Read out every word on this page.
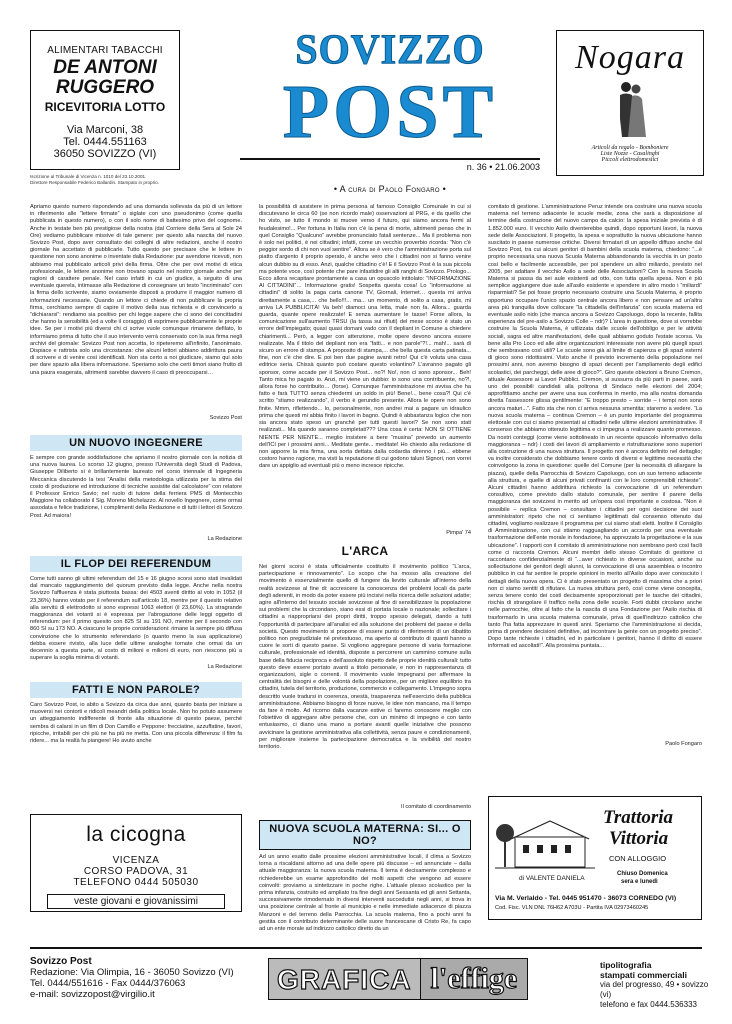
ALIMENTARI TABACCHI
DE ANTONI
RUGGERO
RICEVITORIA LOTTO
Via Marconi, 38
Tel. 0444.551163
36050 SOVIZZO (VI)
Iscrizione al Tribunale di Vicenza n. 1010 del 23.10.2001.
Direttore Responsabile Federico Ballardin. Stampato in proprio.
SOVIZZO
POST
n. 36 • 21.06.2003
• A cura di Paolo Fongaro •
Nogara
Articoli da regalo - Bomboniere
Liste Nozze - Casalinghi
Piccoli elettrodomestici

Apriamo questo numero rispondendo ad una domanda sollevata da più di un lettore in riferimento alle “lettere firmate” o siglate con uno pseudonimo (come quella pubblicata in questo numero), o con il solo nome di battesimo privo del cognome. Anche in testate ben più prestigiose della nostra (dal Corriere della Sera al Sole 24 Ore) vediamo pubblicare missive di tale genere: per questo alla nascita del nuovo Sovizzo Post, dopo aver consultato dei colleghi di altre redazioni, anche il nostro giornale ha accettato di pubblicarle. Tutto questo per precisare che le lettere in questione non sono anonime o inventate dalla Redazione: pur avendone ricevuti, non abbiamo mai pubblicato articoli privi della firma. Oltre che per ovvi motivi di etica professionale, le lettere anonime non trovano spazio nel nostro giornale anche per ragioni di carattere penale. Nel caso infatti in cui un giudice, a seguito di una eventuale querela, intimasse alla Redazione di consegnare un testo “incriminato” con la firma dello scrivente, siamo ovviamente disposti a produrre il maggior numero di informazioni necessarie. Quando un lettore ci chiede di non pubblicare la propria firma, cerchiamo sempre di capire il motivo della sua richiesta e di convincerlo a “dichiararsi”: rendiamo sia positivo per chi legge sapere che ci sono dei concittadini che hanno la sensibilità (ed a volte il coraggio) di esprimere pubblicamente le proprie idee. Se per i motivi più diversi chi ci scrive vuole comunque rimanere defilato, lo informiamo prima di tutto che il suo intervento verrà conservato con la sua firma negli archivi del giornale: Sovizzo Post non accetta, lo ripeteremo all'infinito, l'anonimato. Dispiace e rattrista solo una circostanza: che alcuni lettori abbiano addirittura paura di scrivere e di venire così identificati. Non sta certo a noi giudicare, siamo qui solo per dare spazio alla libera informazione. Speriamo solo che certi timori siano frutto di una paura esagerata, altrimenti sarebbe davvero il caso di preoccuparsi…

Sovizzo Post
UN NUOVO INGEGNERE

È sempre con grande soddisfazione che apriamo il nostro giornale con la notizia di una nuova laurea. Lo scorso 12 giugno, presso l'Università degli Studi di Padova, Giuseppe Diliberto si è brillantemente laureato nel corso triennale di Ingegneria Meccanica discutendo la tesi “Analisi della metodologia utilizzata per la stima del costo di produzione ed introduzione di tecniche assistite dal calcolatore” con relatore il Professor Enrico Savio; nel ruolo di tutore della ferriera PMS di Montecchio Maggiore ha collaborato il Sig. Moreno Michelazzo. Al novello Ingegnere, come ormai assodata e felice tradizione, i complimenti della Redazione e di tutti i lettori di Sovizzo Post. Ad maiora!

La Redazione
IL FLOP DEI REFERENDUM

Come tutti sanno gli ultimi referendum del 15 e 16 giugno scorsi sono stati invalidati dal mancato raggiungimento del quorum previsto dalla legge. Anche nella nostra Sovizzo l'affluenza è stata piuttosta bassa: dei 4503 aventi diritto al voto in 1052 (il 23,36%) hanno votato per il referendum sull'articolo 18, mentre per il quesito relativo alla servitù di elettrodotto si sono espressi 1063 elettori (il 23,60%). La stragrande maggioranza dei votanti si è espressa per l'abrogazione delle leggi oggetto di referendum: per il primo quesito con 825 SI su 191 NO, mentre per il secondo con 860 SI su 173 NO. A ciascuno le proprie considerazioni: rimane la sempre più diffusa convinzione che lo strumento referendario (o quanto meno la sua applicazione) debba essere rivisto, alla luce delle ultime analoghe tornate che ormai da un decennio a questa parte, al costo di milioni e milioni di euro, non riescono più a superare la soglia minima di votanti.

La Redazione
FATTI E NON PAROLE?

Caro Sovizzo Post, io abito a Sovizzo da circa due anni, quanto basta per iniziare a muoversi nei contorti e ridicoli meandri della politica locale. Non ho potuto assumere un atteggiamento indifferente di fronte alla situazione di questo paese, perché sembra di calarsi in un film di Don Camillo e Peppone: frecciatine, azzuffatine, favori, ripicche, irritabili per chi più ne ha più ne metta. Con una piccola differenza: il film fa ridere... ma la realtà fa piangere! Ho avuto anche

la cicogna
VICENZA
CORSO PADOVA, 31
TELEFONO 0444 505030
veste giovani e giovanissimi

la possibilità di assistere in prima persona al famoso Consiglio Comunale in cui si discutevano le circa 60 (se non ricordo male) osservazioni al PRG, e da quello che ho visto, se tutto il mondo si muove verso il futuro, qui siamo ancora fermi al feudalesimo!... Per fortuna in Italia non c'è la pena di morte, altrimenti penso che in quel Consiglio “Qualcuno” avrebbe pronunciato fatali sentenze... Ma il problema non è solo nei politici, è nei cittadini; infatti, come un vecchio proverbio ricorda: “Non c'è peggior sordo di chi non vuol sentire”. Allora se è vero che l'amministrazione porta sul piatto d'argento il proprio operato, è anche vero che i cittadini non si fanno venire alcun dubbio su di esso. Anzi, qualche cittadino c'è! E il Sovizzo Post è la sua piccola ma potente voce, così potente che pare infastidire gli alti ranghi di Sovizzo. Prologo... Ecco allora recapitare prontamente a casa un opuscolo intitolato: “INFORMAZIONE AI CITTADINI”… Informazione gratis! Sospetta questa cosa! Lo “informazione ai cittadini” di solito la paga carta canone TV, Giornali, Internet… questa mi arriva direttamente a casa,... che bello!!!... ma... un momento, di solito a casa, gratis, mi arriva LA PUBBLICITÀ! Va beh! diamoci una letta, male non fa. Allora... guarda guarda, quante opere realizzate! E senza aumentare le tasse! Forse allora, la comunicazione sull'aumento TRSU (la tassa sui rifiuti) del mese scorso è stato un errore dell'impiegato; quasi quasi domani vado con il depliant in Comune a chiedere chiarimenti... Però, a legger con attenzione, molte opere devono ancora essere realizzate. Ma il titolo del depliant non era “fatti... e non parole”?!... mah!... sarà di sicuro un errore di stampa. A proposito di stampa,... che bella questa carta patinata... fine, non c'è che dire. E poi ben due pagine avanti retro! Qui c'è voluta una casa editrice seria. Chissà quanto può costare questo volantino? L'avranno pagato gli sponsor, come accade per il Sovizzo Post... no?! No!, non ci sono sponsor... Beh! Tanto mica ho pagato io. Anzi, mi viene un dubbio: io sono una contribuente, no?!, allora forse ho contribuito… (forse). Comunque l'amministrazione mi avvisa che ha fatto e farà TUTTO senza chiedermi un soldo in più! Bene!... bene cosa?! Qui c'è scritto “stiamo realizzando”, il verbo è gerundio presente. Allora le opere non sono finite. Mmm, riflettendo... lo, personalmente, non andrei mai a pagare un idraulico prima che questi mi abbia finito i lavori in bagno. Quindi è abbastanza logico che non sia ancora stato speso un granché per tutti questi lavori? Se non sono stati realizzati... Ma quando saranno completati??? Una cosa è certa: NON SI OTTIENE NIENTE PER NIENTE... meglio insistere a bere “musina” prevedo un aumento dell'ICI per i prossimi anni... Meditate gente... meditate! Ho chiesto alla redazione di non apporre la mia firma, una sorta dettata dalla codardia direnno i più... ebbene costoro hanno ragione, ma visti la reputazione di cui godono taluni Signori, non vorrei dare un appiglio ad eventuali più o meno incresce ripicche.

Pimpa' 74
L'ARCA

Nei giorni scorsi è stata ufficialmente costituito il movimento politico “L'arca, partecipazione e rinnovamento”. Lo scopo che ha mosso alla creazione del movimento è essenzialmente quello di fungere da lievito culturale all'interno della realtà sovizzese al fine di: accrescere la conoscenza dei problemi locali da parte degli aderenti, in modo da poter essere più incisivi nella ricerca delle soluzioni adatte; agire all'interno del tessuto sociale sovizzese al fine di sensibilizzare la popolazione sui problemi che la circondano, siano essi di portata locale o nazionale; sollecitare i cittadini a riappropriarsi dei propri diritti, troppo spesso delegati, dando a tutti l'opportunità di partecipare all'analisi ed alla soluzione dei problemi del paese e della società. Questo movimento si propone di essere punto di riferimento di un dibattito politico non pregiudiziale né pretestuoso, ma aperto al contributo di quanti hanno a cuore le sorti di questo paese. Si vogliono aggregare persone di varia formazione culturale, professionale ed identità, disposte a percorrere un cammino comune sulla base della fiducia reciproca e dell'assoluto rispetto delle proprie identità culturali: tutto questo deve essere portato avanti a titolo personale, e non in rappresentanza di organizzazioni, sigle o correnti. Il movimento vuole impegnarsi per affermare la centralità dei bisogni e delle volontà della popolazione, per un migliore equilibrio tra cittadini, tutela del territorio, produzione, commercio e collegamento. L'impegno sopra descritto vuole tradursi in coerenza, onestà, trasparenza nell'esercizio della pubblica amministrazione. Abbiamo bisogno di forze nuove, le idee non mancano, ma il tempo da fare è molto. Ad ricorno dalla vacanze estive ci faremo conoscere meglio con l'obiettivo di aggregare altre persone che, con un minimo di impegno e con tanto entusiasmo, ci diano una mano a portare avanti quelle iniziative che possono avvicinare la gestione amministrativa alla collettività, senza paure e condizionamenti, per migliorare insieme la partecipazione democratica e la vivibilità del nostro territorio.

Il comitato di coordinamento
NUOVA SCUOLA MATERNA: SI... O NO?

Ad un anno esatto dalle prossime elezioni amministrative locali, il clima a Sovizzo torna a riscaldarsi attorno ad una delle opere più discusse – ed annunciate – dalla attuale maggioranza: la nuova scuola materna. Il tema è decisamente complesso e richiederebbe un esame approfondito dei molti aspetti che vengono ad essere coinvolti: proviamo a sintetizzare in poche righe. L'attuale plesso scolastico per la prima infanzia, costruito ed ampliato tra fine degli anni Sessanta ed gli anni Settanta, successivamente rimodernato in diversi interventi succedutisi negli anni, si trova in una posizione centrale al fronte al municipio e nelle immediate adiacenze di piazza Manzoni e del terreno della Parrocchia. La scuola materna, fino a pochi anni fa gestita con il contributo determinante delle suore francescane di Cristo Re, fa capo ad un ente morale ad indirizzo cattolico diretto da un

comitato di gestione. L'amministrazione Peruz intende ora costruire una nuova scuola materna nel terreno adiacente le scuole medie, zona che sarà a disposizione al termine della costruzione del nuovo campo da calcio: la spesa iniziale prevista è di 1.852.000 euro. Il vecchio Asilo diventerebbe quindi, dopo opportuni lavori, la nuova sede delle Associazioni. Il progetto, la spesa e soprattutto la nuova ubicazione hanno suscitato in paese numerose critiche. Diversi firmatari di un appello diffuso anche dal Sovizzo Post, tra cui alcuni genitori di bambini della scuola materna, chiedono: “...è proprio necessaria una nuova Scuola Materna abbandonando la vecchia in un posto così bello e facilmente accessibile, per poi spendere un altro miliardo, previsto nel 2005, per adattare il vecchio Asilo a sede delle Associazioni? Con la nuova Scuola Materna si passa da sei aule esistenti ad otto, con tutta quella spesa. Non è più semplice aggiungere due aule all'asilo esistente e spendere in altro modo i “miliardi” risparmiati? Se poi fosse proprio necessario costruire una Scuola Materna, è proprio opportuno occupare l'unico spazio centrale ancora libero e non pensare ad un'altra area più tranquilla dove collocare “la cittadella dell'infanzia” con scuola materna ed eventuale asilo nido (che manca ancora a Sovizzo Capoluogo, dopo la recente, fallita esperienza del pre-asilo a Sovizzo Colle – ndr)? L'area in questione, dove si vorrebbe costruire la Scuola Materna, è utilizzata dalle scuole dell'obbligo e per le attività sociali, sagra ed altre manifestazioni, delle quali abbiamo goduto l'estate scorsa. Va bene alla Pro Loco ed alle altre organizzazioni interessate non avere più quegli spazi che sembravano così utili? Le scuole sono già al limite di capienza e gli spazi esterni di gioco sono ridottissimi. Visto anche il previsto incremento della popolazione nei prossimi anni, non avremo bisogno di spazi decenti per l'ampliamento degli edifici scolastici, dei parcheggi, delle aree di gioco?”. Giro queste obiezioni a Bruno Cremon, attuale Assessore ai Lavori Pubblici. Cremon, si sussurra da più parti in paese, sarà uno dei possibili candidati alla poltrona di Sindaco nelle elezioni del 2004; approfittiamo anche per avere una sua conferma in merito, ma alla nostra domanda diretta l'assessore glissa gentilmente: “E troppo presto – sorride – i tempi non sono ancora maturi...”. Fatto sta che non ci arriva nessuna smentita: staremo a vedere. “La nuova scuola materna – continua Cremon – è un punto importante del programma elettorale con cui ci siamo presentati ai cittadini nelle ultime elezioni amministrative. Il consenso che abbiamo ottenuto legittima e ci impegna a realizzare quanto promesso. Da nostri conteggi (come viene sottolineato in un recente opuscolo informativo della maggioranza – ndr) i costi dei lavori di ampliamento e ristrutturazione sono superiori alla costruzione di una nuova struttura. Il progetto non è ancora definito nel dettaglio; va inoltre considerato che dobbiamo tenere conto di diversi e legittime necessità che coinvolgono la zona in questione: quelle del Comune (per la necessità di allargare la piazza), quelle della Parrocchia di Sovizzo Capoluogo, con un suo terreno adiacente alla struttura, e quelle di alcuni privati confinanti con le loro comprensibili richieste”. Alcuni cittadini hanno addirittura richiesto la convocazione di un referendum consultivo, come previsto dallo statuto comunale, per sentire il parere della maggioranza dei sovizzesi in merito ad un'opera così importante e costosa. “Non è possibile – replica Cremon – consultare i cittadini per ogni decisione dei suoi amministratori: ripeto che noi ci sentiamo legittimati dal consenso ottenuto dai cittadini, vogliamo realizzare il programma per cui siamo stati eletti. Inoltre il Consiglio di Amministrazione, con cui stiamo ragguagliando un accordo per una eventuale trasformazione dell'ente morale in fondazione, ha apprezzato la progettazione e la sua ubicazione”. I rapporti con il comitato di amministrazione non sembrano però così facili come ci racconta Cremon. Alcuni membri dello stesso Comitato di gestione ci raccontano confidenzialmente di “...aver richiesto in diverse occasioni, anche su sollecitazione dei genitori degli alunni, la convocazione di una assemblea o incontro pubblico in cui far sentire le proprie opinioni in merito all'Asilo dopo aver conosciuto i dettagli della nuova opera. Ci è stato presentato un progetto di massima che a priori non ci siamo sentiti di rifiutare. La nuova struttura però, così come viene concepita, senza tenere conto dei costi decisamente sproporzionati per le tasche dei cittadini, rischia di strangolare il traffico nella zona delle scuole. Forti dubbi circolano anche nelle parrocchie, oltre al fatto che la nascita di una Fondazione per l'Asilo rischia di trasformarlo in una scuola materna comunale, priva di quell'indirizzo cattolico che tanto l'ha fatta apprezzare in questi anni. Speriamo che l'amministrazione si decida, prima di prendere decisioni definitive, ad incontrare la gente con un progetto preciso”. Dopo tante richieste i cittadini, ed in particolare i genitori, hanno il diritto di essere informati ed ascoltati!”. Alla prossima puntata...

Paolo Fongaro
Trattoria
Vittoria
CON ALLOGGIO
di VALENTE DANIELA
Chiuso Domenica
sera e lunedì
Via M. Verlaldo - Tel. 0445 951470 - 36073 CORNEDO (VI)
Cod. Fisc. VLN DNL 76H62 A703U - Partita IVA 02973460245
Sovizzo Post
Redazione: Via Olimpia, 16 - 36050 Sovizzo (VI)
Tel. 0444/551616 - Fax 0444/376063
e-mail: sovizzopost@virgilio.it	GRAFICA l'effige	tipolitografia
stampati commerciali
via del progresso, 49 • sovizzo (vi)
telefono e fax 0444.536333
